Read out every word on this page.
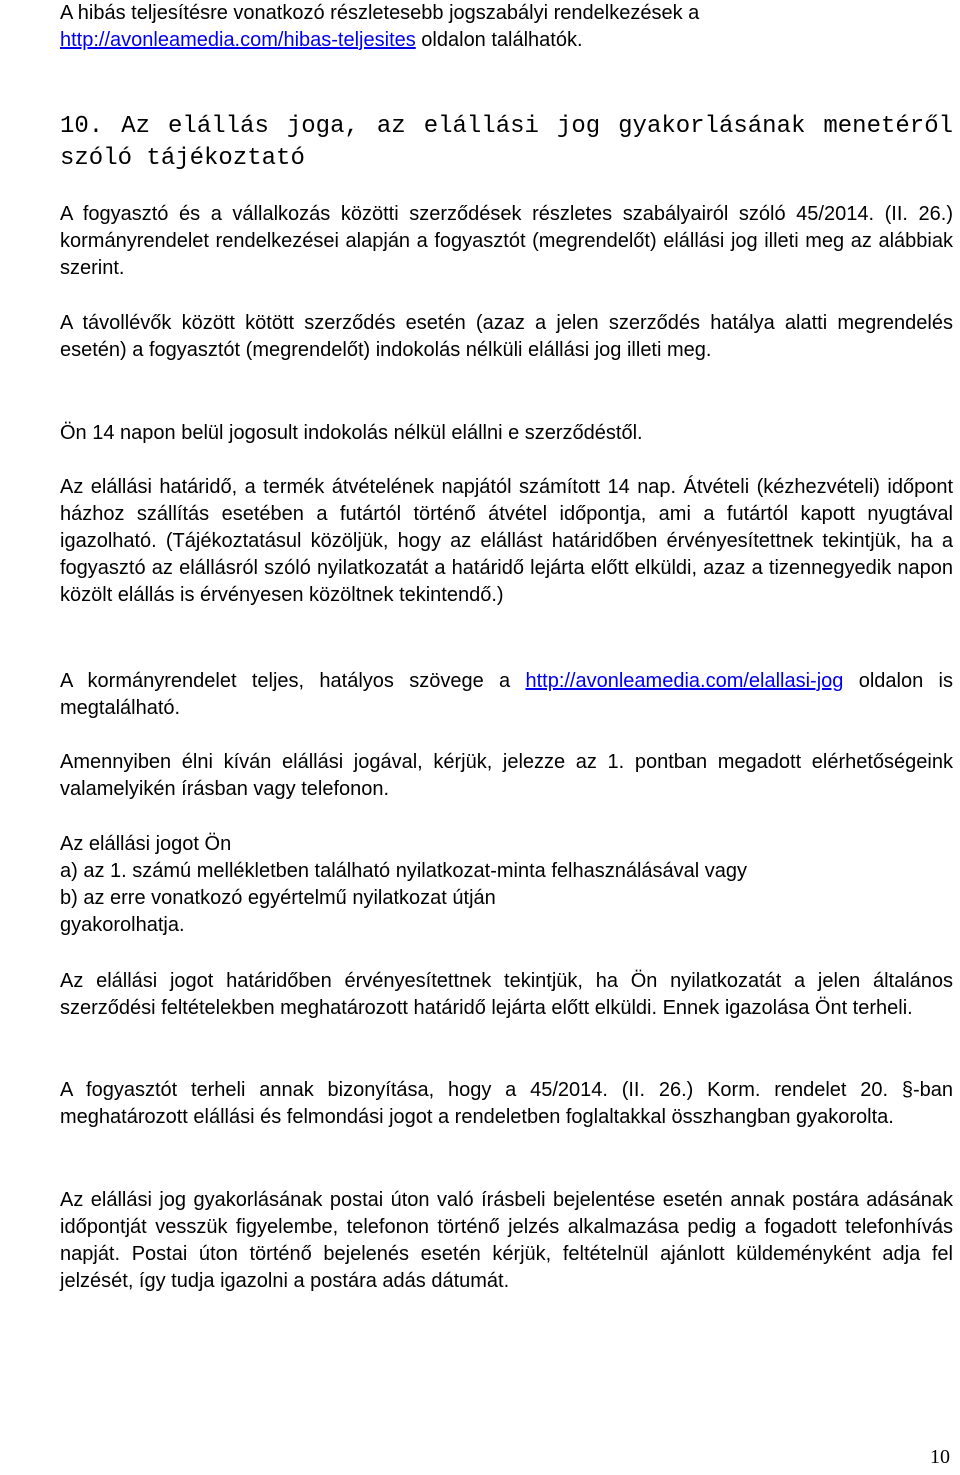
A hibás teljesítésre vonatkozó részletesebb jogszabályi rendelkezések a
http://avonleamedia.com/hibas-teljesites oldalon találhatók.

10. Az elállás joga, az elállási jog gyakorlásának menetéről szóló tájékoztató

A fogyasztó és a vállalkozás közötti szerződések részletes szabályairól szóló 45/2014. (II. 26.) kormányrendelet rendelkezései alapján a fogyasztót (megrendelőt) elállási jog illeti meg az alábbiak szerint.

A távollévők között kötött szerződés esetén (azaz a jelen szerződés hatálya alatti megrendelés esetén) a fogyasztót (megrendelőt) indokolás nélküli elállási jog illeti meg.

Ön 14 napon belül jogosult indokolás nélkül elállni e szerződéstől.

Az elállási határidő, a termék átvételének napjától számított 14 nap. Átvételi (kézhezvételi) időpont házhoz szállítás esetében a futártól történő átvétel időpontja, ami a futártól kapott nyugtával igazolható. (Tájékoztatásul közöljük, hogy az elállást határidőben érvényesítettnek tekintjük, ha a fogyasztó az elállásról szóló nyilatkozatát a határidő lejárta előtt elküldi, azaz a tizennegyedik napon közölt elállás is érvényesen közöltnek tekintendő.)

A kormányrendelet teljes, hatályos szövege a http://avonleamedia.com/elallasi-jog oldalon is megtalálható.

Amennyiben élni kíván elállási jogával, kérjük, jelezze az 1. pontban megadott elérhetőségeink valamelyikén írásban vagy telefonon.

Az elállási jogot Ön
a) az 1. számú mellékletben található nyilatkozat-minta felhasználásával vagy
b) az erre vonatkozó egyértelmű nyilatkozat útján
gyakorolhatja.

Az elállási jogot határidőben érvényesítettnek tekintjük, ha Ön nyilatkozatát a jelen általános szerződési feltételekben meghatározott határidő lejárta előtt elküldi. Ennek igazolása Önt terheli.

A fogyasztót terheli annak bizonyítása, hogy a 45/2014. (II. 26.) Korm. rendelet 20. §-ban meghatározott elállási és felmondási jogot a rendeletben foglaltakkal összhangban gyakorolta.

Az elállási jog gyakorlásának postai úton való írásbeli bejelentése esetén annak postára adásának időpontját vesszük figyelembe, telefonon történő jelzés alkalmazása pedig a fogadott telefonhívás napját. Postai úton történő bejelenés esetén kérjük, feltételnül ajánlott küldeményként adja fel jelzését, így tudja igazolni a postára adás dátumát.

10
